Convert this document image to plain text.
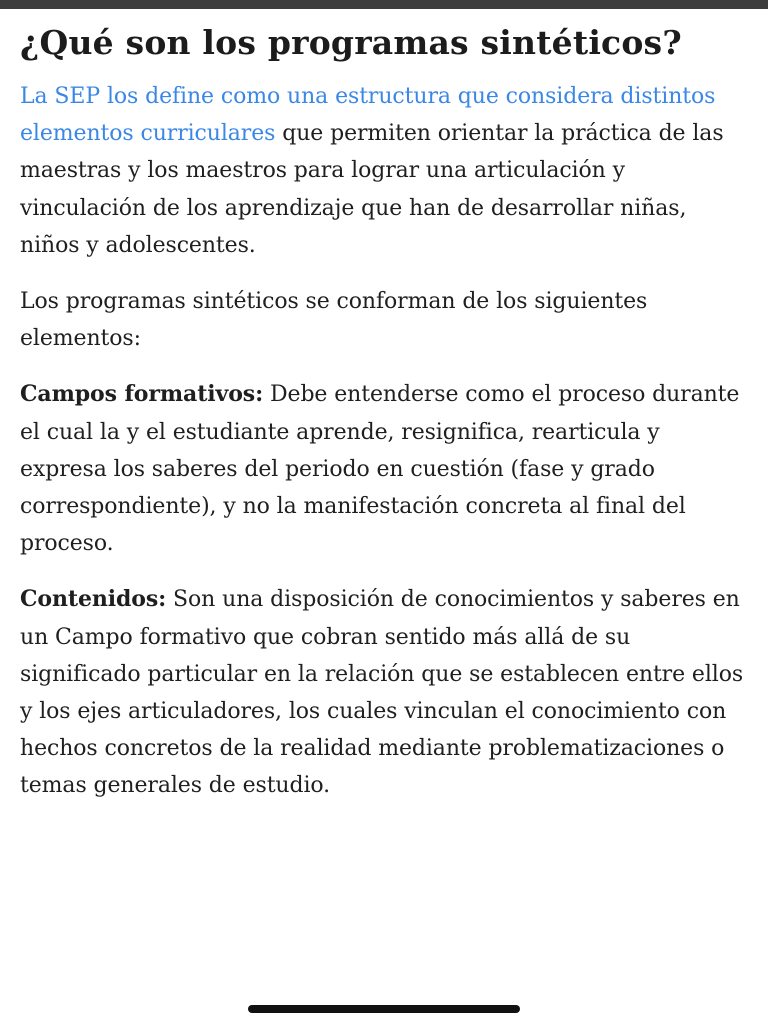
¿Qué son los programas sintéticos?

La SEP los define como una estructura que considera distintos elementos curriculares que permiten orientar la práctica de las maestras y los maestros para lograr una articulación y vinculación de los aprendizaje que han de desarrollar niñas, niños y adolescentes.

Los programas sintéticos se conforman de los siguientes elementos:

Campos formativos: Debe entenderse como el proceso durante el cual la y el estudiante aprende, resignifica, rearticula y expresa los saberes del periodo en cuestión (fase y grado correspondiente), y no la manifestación concreta al final del proceso.

Contenidos: Son una disposición de conocimientos y saberes en un Campo formativo que cobran sentido más allá de su significado particular en la relación que se establecen entre ellos y los ejes articuladores, los cuales vinculan el conocimiento con hechos concretos de la realidad mediante problematizaciones o temas generales de estudio.
